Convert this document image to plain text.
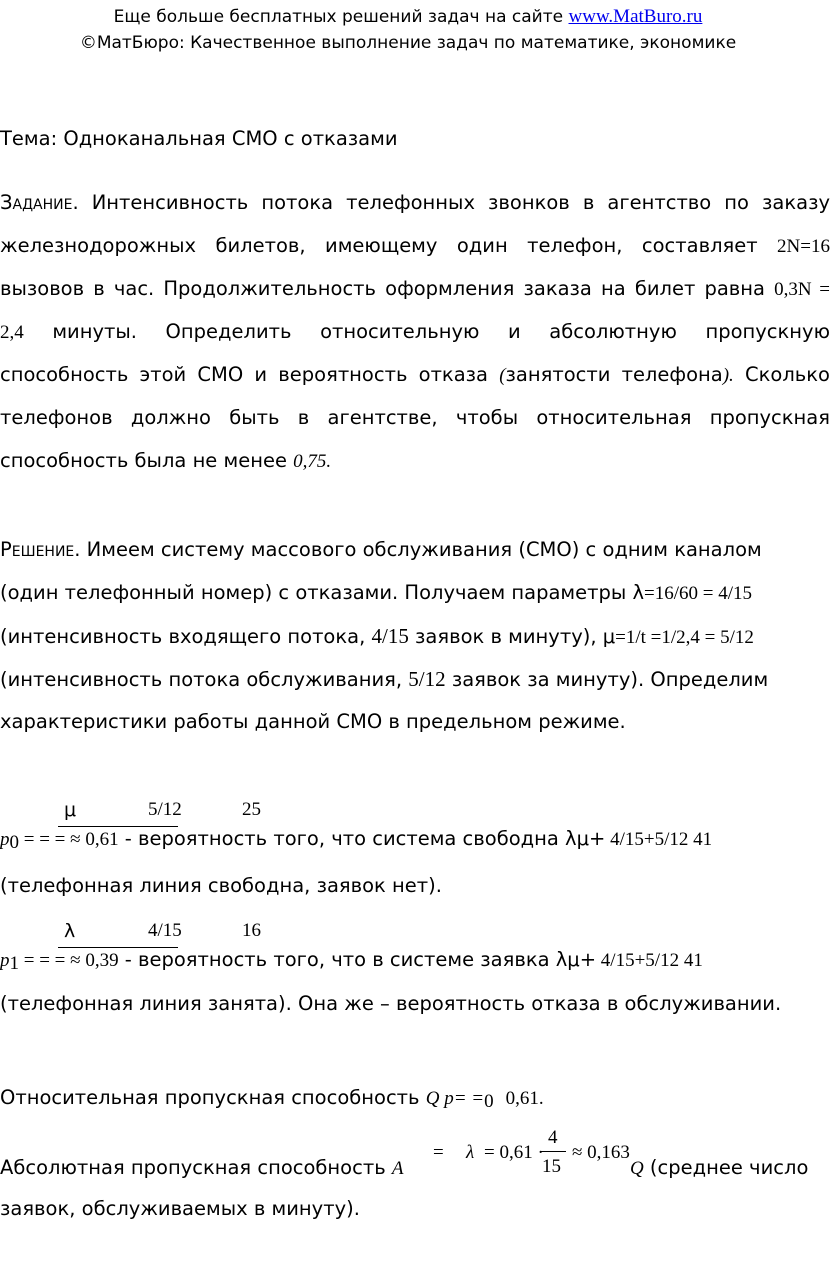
Еще больше бесплатных решений задач на сайте www.MatBuro.ru
©МатБюро: Качественное выполнение задач по математике, экономике
Тема: Одноканальная СМО с отказами
Задание. Интенсивность потока телефонных звонков в агентство по заказу
железнодорожных билетов, имеющему один телефон, составляет 2N=16
вызовов в час. Продолжительность оформления заказа на билет равна 0,3N =
2,4 минуты. Определить относительную и абсолютную пропускную
способность этой СМО и вероятность отказа (занятости телефона). Сколько
телефонов должно быть в агентстве, чтобы относительная пропускная
способность была не менее 0,75.
Решение. Имеем систему массового обслуживания (СМО) с одним каналом
(один телефонный номер) с отказами. Получаем параметры λ=16/60 = 4/15
(интенсивность входящего потока, 4/15 заявок в минуту), μ=1/t =1/2,4 = 5/12
(интенсивность потока обслуживания, 5/12 заявок за минуту). Определим
характеристики работы данной СМО в предельном режиме.
μ	5/12	25
$p_0$ = = = ≈ 0,61 - вероятность того, что система свободна λμ+ 4/15+5/12 41
(телефонная линия свободна, заявок нет).
λ	4/15	16
$p_1$ = = = ≈ 0,39 - вероятность того, что в системе заявка λμ+ 4/15+5/12 41
(телефонная линия занята). Она же – вероятность отказа в обслуживании.
Относительная пропускная способность Q $p= =_0$ 0,61.
= λ = 0,61 ·
4
15
≈ 0,163
Абсолютная пропускная способность A	Q (среднее число
заявок, обслуживаемых в минуту).
